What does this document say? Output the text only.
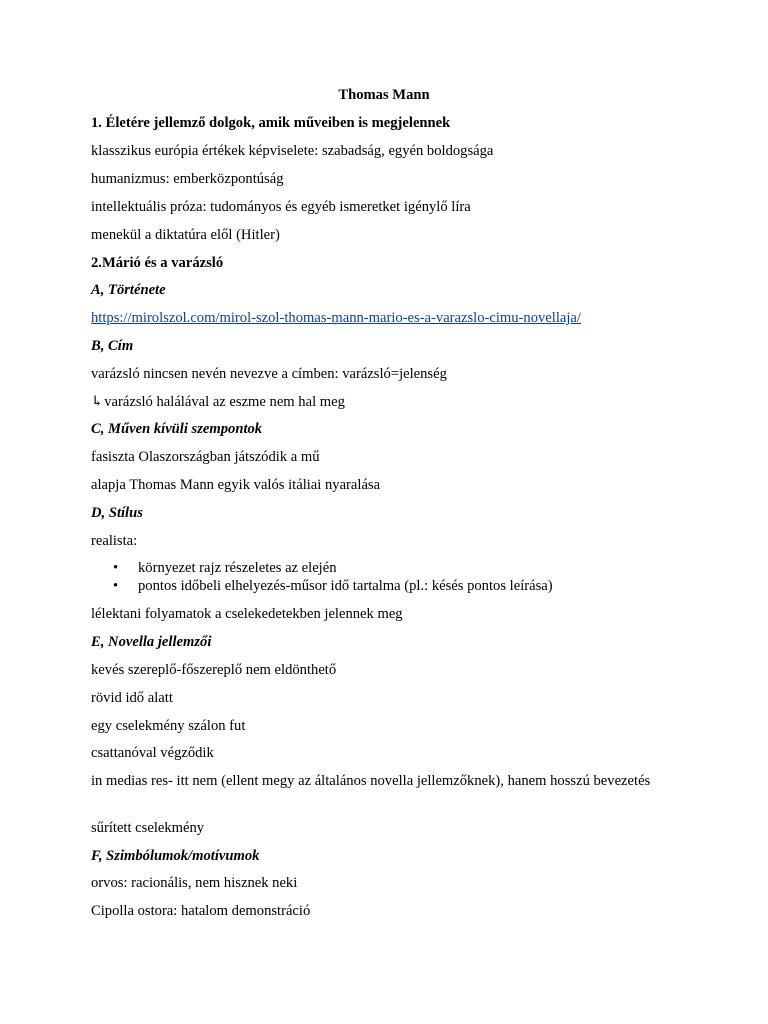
Thomas Mann
1. Életére jellemző dolgok, amik műveiben is megjelennek
klasszikus európia értékek képviselete: szabadság, egyén boldogsága
humanizmus: emberközpontúság
intellektuális próza: tudományos és egyéb ismeretket igénylő líra
menekül a diktatúra elől (Hitler)
2.Márió és a varázsló
A, Története
https://mirolszol.com/mirol-szol-thomas-mann-mario-es-a-varazslo-cimu-novellaja/
B, Cím
varázsló nincsen nevén nevezve a címben: varázsló=jelenség
↳varázsló halálával az eszme nem hal meg
C, Műven kívüli szempontok
fasiszta Olaszországban játszódik a mű
alapja Thomas Mann egyik valós itáliai nyaralása
D, Stílus
realista:
• környezet rajz részeletes az elején
• pontos időbeli elhelyezés-műsor idő tartalma (pl.: késés pontos leírása)
lélektani folyamatok a cselekedetekben jelennek meg
E, Novella jellemzői
kevés szereplő-főszereplő nem eldönthető
rövid idő alatt
egy cselekmény szálon fut
csattanóval végződik
in medias res- itt nem (ellent megy az általános novella jellemzőknek), hanem hosszú bevezetés
sűrített cselekmény
F, Szimbólumok/motívumok
orvos: racionális, nem hisznek neki
Cipolla ostora: hatalom demonstráció
